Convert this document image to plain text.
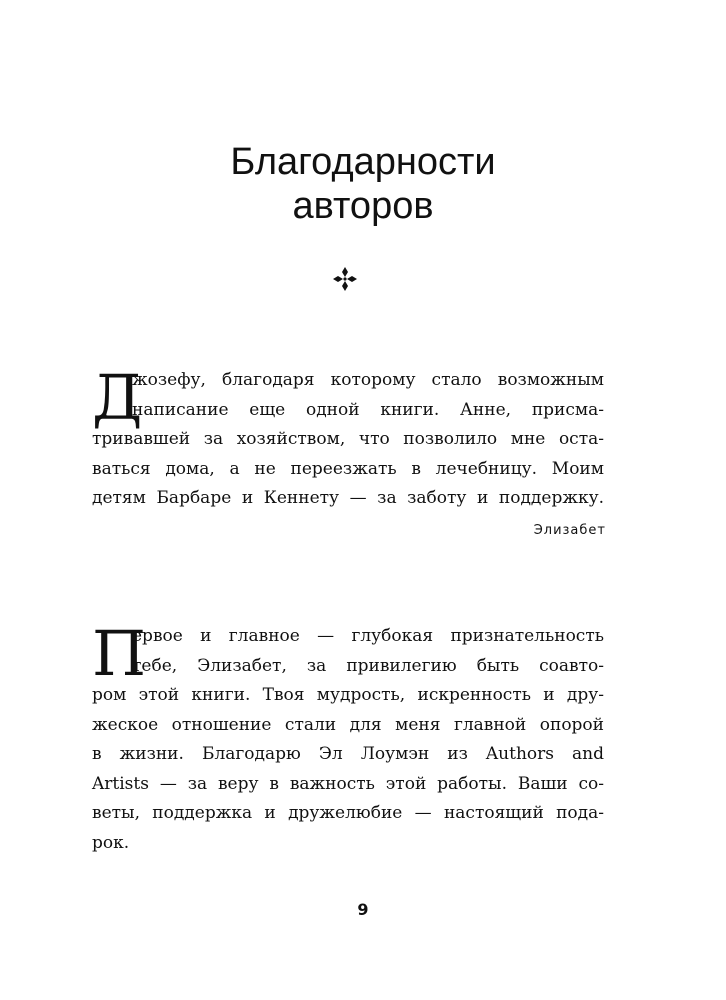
Благодарности
авторов
Д
жозефу, благодаря которому стало возможным
написание еще одной книги. Анне, присма-
тривавшей за хозяйством, что позволило мне оста-
ваться дома, а не переезжать в лечебницу. Моим
детям Барбаре и Кеннету — за заботу и поддержку.
Элизабет
П
ервое и главное — глубокая признательность
тебе, Элизабет, за привилегию быть соавто-
ром этой книги. Твоя мудрость, искренность и дру-
жеское отношение стали для меня главной опорой
в жизни. Благодарю Эл Лоумэн из Authors and
Artists — за веру в важность этой работы. Ваши со-
веты, поддержка и дружелюбие — настоящий пода-
рок.
9
